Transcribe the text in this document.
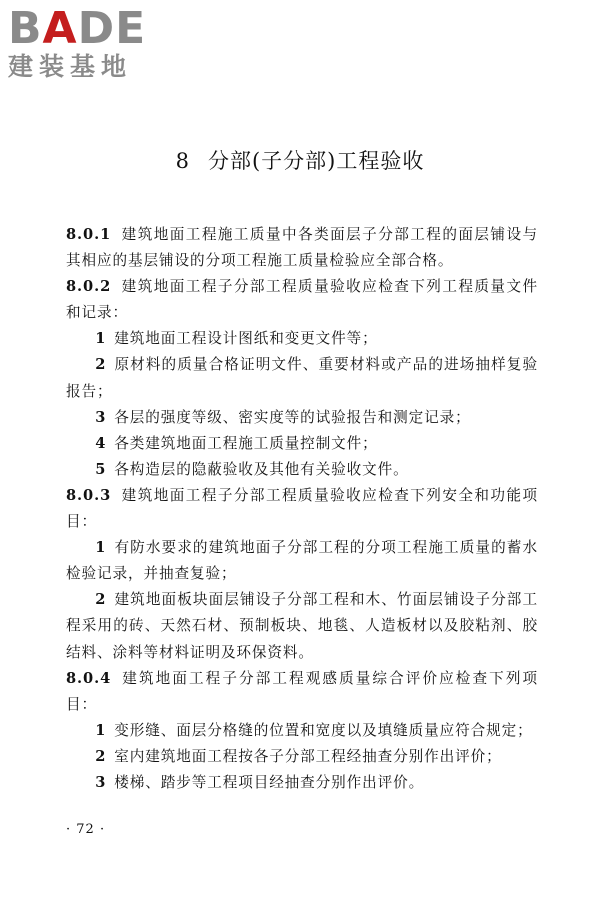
BADE
建装基地
8 分部(子分部)工程验收
8.0.1 建筑地面工程施工质量中各类面层子分部工程的面层铺设与其相应的基层铺设的分项工程施工质量检验应全部合格。
8.0.2 建筑地面工程子分部工程质量验收应检查下列工程质量文件和记录：
1 建筑地面工程设计图纸和变更文件等；
2 原材料的质量合格证明文件、重要材料或产品的进场抽样复验报告；
3 各层的强度等级、密实度等的试验报告和测定记录；
4 各类建筑地面工程施工质量控制文件；
5 各构造层的隐蔽验收及其他有关验收文件。
8.0.3 建筑地面工程子分部工程质量验收应检查下列安全和功能项目：
1 有防水要求的建筑地面子分部工程的分项工程施工质量的蓄水检验记录，并抽查复验；
2 建筑地面板块面层铺设子分部工程和木、竹面层铺设子分部工程采用的砖、天然石材、预制板块、地毯、人造板材以及胶粘剂、胶结料、涂料等材料证明及环保资料。
8.0.4 建筑地面工程子分部工程观感质量综合评价应检查下列项目：
1 变形缝、面层分格缝的位置和宽度以及填缝质量应符合规定；
2 室内建筑地面工程按各子分部工程经抽查分别作出评价；
3 楼梯、踏步等工程项目经抽查分别作出评价。
· 72 ·
